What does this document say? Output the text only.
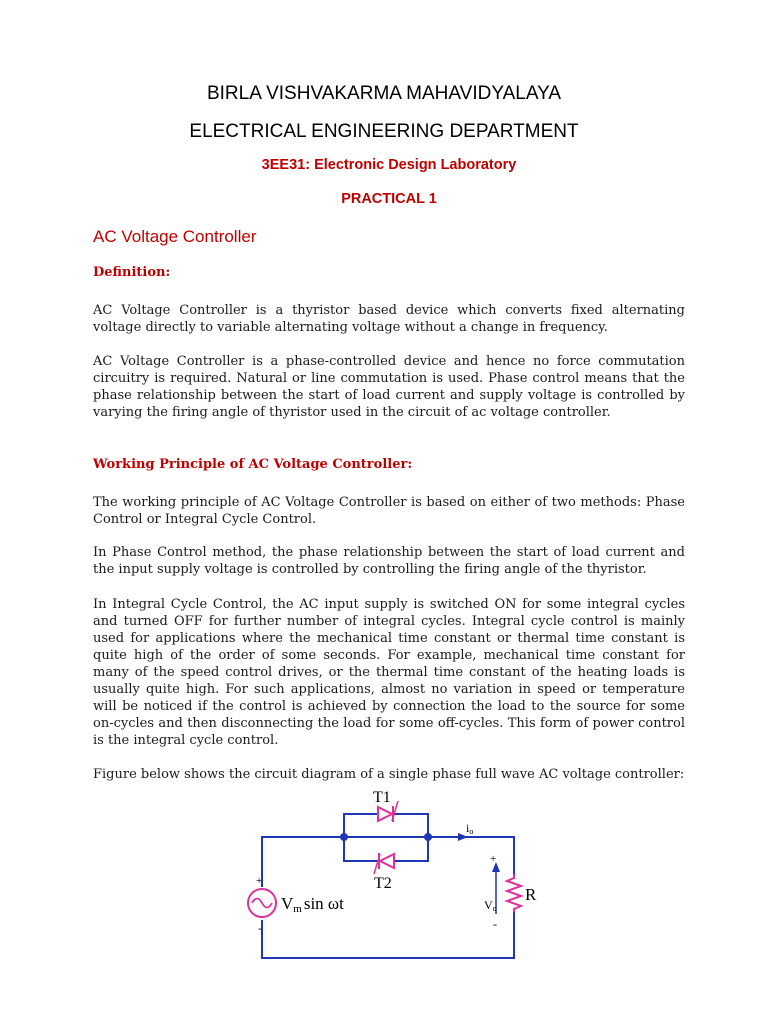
BIRLA VISHVAKARMA MAHAVIDYALAYA
ELECTRICAL ENGINEERING DEPARTMENT
3EE31: Electronic Design Laboratory
PRACTICAL 1
AC Voltage Controller
Definition:

AC Voltage Controller is a thyristor based device which converts fixed alternating voltage directly to variable alternating voltage without a change in frequency.

AC Voltage Controller is a phase-controlled device and hence no force commutation circuitry is required. Natural or line commutation is used. Phase control means that the phase relationship between the start of load current and supply voltage is controlled by varying the firing angle of thyristor used in the circuit of ac voltage controller.

Working Principle of AC Voltage Controller:

The working principle of AC Voltage Controller is based on either of two methods: Phase Control or Integral Cycle Control.

In Phase Control method, the phase relationship between the start of load current and the input supply voltage is controlled by controlling the firing angle of the thyristor.

In Integral Cycle Control, the AC input supply is switched ON for some integral cycles and turned OFF for further number of integral cycles. Integral cycle control is mainly used for applications where the mechanical time constant or thermal time constant is quite high of the order of some seconds. For example, mechanical time constant for many of the speed control drives, or the thermal time constant of the heating loads is usually quite high. For such applications, almost no variation in speed or temperature will be noticed if the control is achieved by connection the load to the source for some on-cycles and then disconnecting the load for some off-cycles. This form of power control is the integral cycle control.

Figure below shows the circuit diagram of a single phase full wave AC voltage controller:

T1
T2
io
+
-
Vm sin ωt	R
+
Vo
-
